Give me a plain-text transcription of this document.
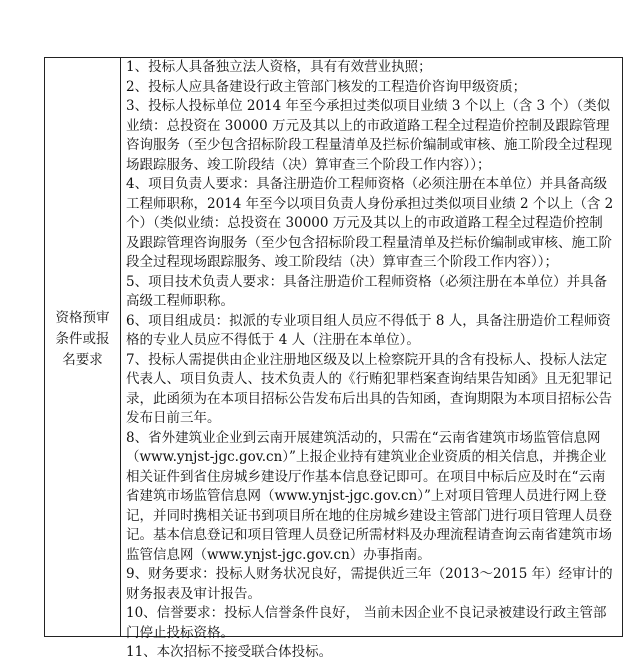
资格预审
条件或报
名要求

1、投标人具备独立法人资格，具有有效营业执照；

2、投标人应具备建设行政主管部门核发的工程造价咨询甲级资质；

3、投标人投标单位 2014 年至今承担过类似项目业绩 3 个以上（含 3 个）（类似业绩：总投资在 30000 万元及其以上的市政道路工程全过程造价控制及跟踪管理咨询服务（至少包含招标阶段工程量清单及拦标价编制或审核、施工阶段全过程现场跟踪服务、竣工阶段结（决）算审查三个阶段工作内容））；

4、项目负责人要求：具备注册造价工程师资格（必须注册在本单位）并具备高级工程师职称，2014 年至今以项目负责人身份承担过类似项目业绩 2 个以上（含 2 个）（类似业绩：总投资在 30000 万元及其以上的市政道路工程全过程造价控制及跟踪管理咨询服务（至少包含招标阶段工程量清单及拦标价编制或审核、施工阶段全过程现场跟踪服务、竣工阶段结（决）算审查三个阶段工作内容））；

5、项目技术负责人要求：具备注册造价工程师资格（必须注册在本单位）并具备高级工程师职称。

6、项目组成员：拟派的专业项目组人员应不得低于 8 人，具备注册造价工程师资格的专业人员应不得低于 4 人（注册在本单位）。

7、投标人需提供由企业注册地区级及以上检察院开具的含有投标人、投标人法定代表人、项目负责人、技术负责人的《行贿犯罪档案查询结果告知函》且无犯罪记录，此函须为在本项目招标公告发布后出具的告知函，查询期限为本项目招标公告发布日前三年。

8、省外建筑业企业到云南开展建筑活动的，只需在“云南省建筑市场监管信息网（www.ynjst-jgc.gov.cn）”上报企业持有建筑业企业资质的相关信息，并携企业相关证件到省住房城乡建设厅作基本信息登记即可。在项目中标后应及时在“云南省建筑市场监管信息网（www.ynjst-jgc.gov.cn）”上对项目管理人员进行网上登记，并同时携相关证书到项目所在地的住房城乡建设主管部门进行项目管理人员登记。基本信息登记和项目管理人员登记所需材料及办理流程请查询云南省建筑市场监管信息网（www.ynjst-jgc.gov.cn）办事指南。

9、财务要求：投标人财务状况良好，需提供近三年（2013～2015 年）经审计的财务报表及审计报告。

10、信誉要求：投标人信誉条件良好， 当前未因企业不良记录被建设行政主管部门停止投标资格。

11、本次招标不接受联合体投标。
